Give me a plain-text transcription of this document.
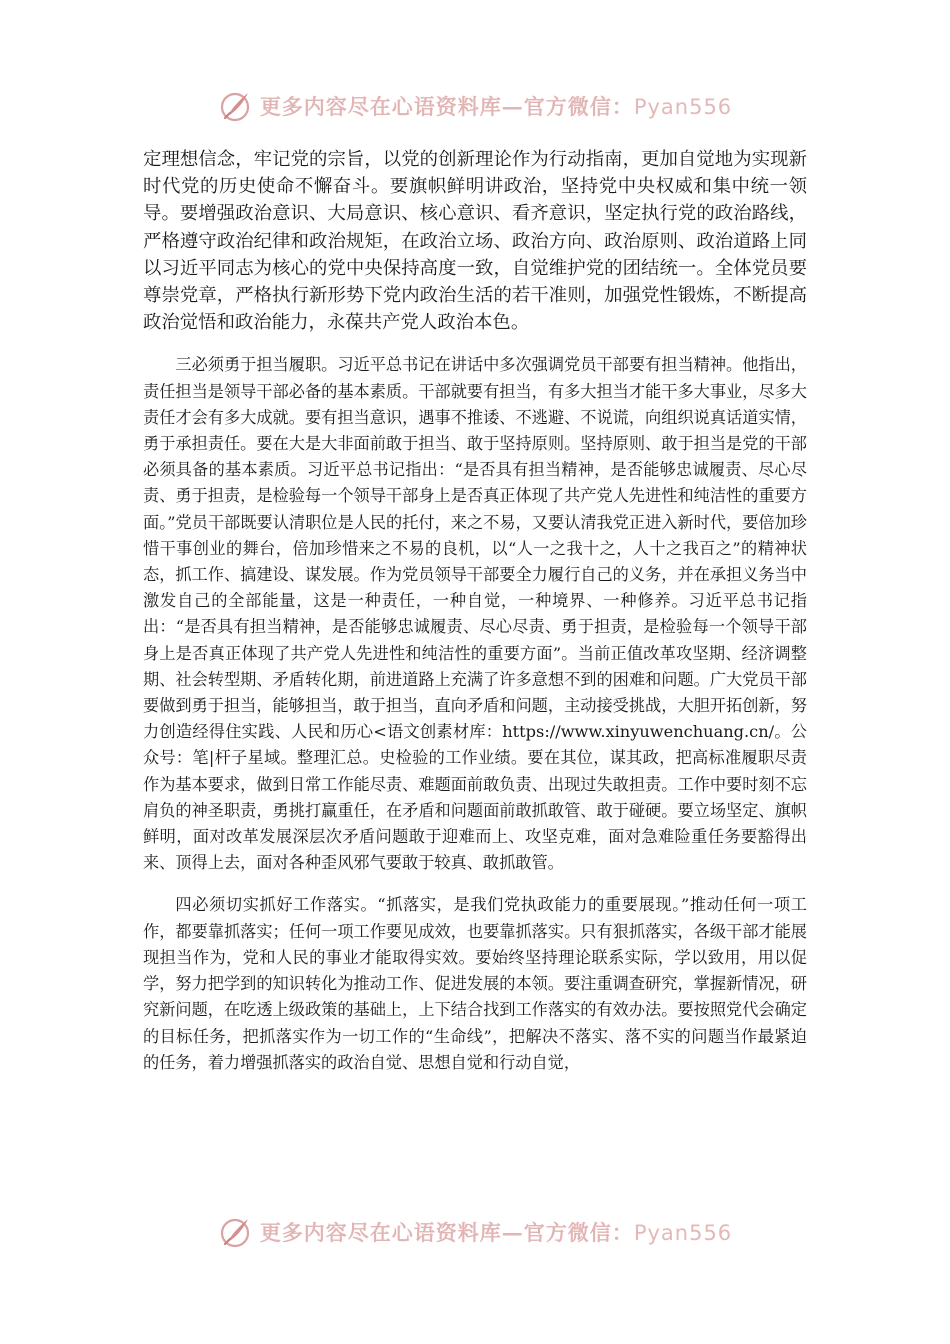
更多内容尽在心语资料库—官方微信：Pyan556

定理想信念，牢记党的宗旨，以党的创新理论作为行动指南，更加自觉地为实现新时代党的历史使命不懈奋斗。要旗帜鲜明讲政治，坚持党中央权威和集中统一领导。要增强政治意识、大局意识、核心意识、看齐意识，坚定执行党的政治路线，严格遵守政治纪律和政治规矩，在政治立场、政治方向、政治原则、政治道路上同以习近平同志为核心的党中央保持高度一致，自觉维护党的团结统一。全体党员要尊崇党章，严格执行新形势下党内政治生活的若干准则，加强党性锻炼，不断提高政治觉悟和政治能力，永葆共产党人政治本色。

三必须勇于担当履职。习近平总书记在讲话中多次强调党员干部要有担当精神。他指出，责任担当是领导干部必备的基本素质。干部就要有担当，有多大担当才能干多大事业，尽多大责任才会有多大成就。要有担当意识，遇事不推诿、不逃避、不说谎，向组织说真话道实情，勇于承担责任。要在大是大非面前敢于担当、敢于坚持原则。坚持原则、敢于担当是党的干部必须具备的基本素质。习近平总书记指出：“是否具有担当精神，是否能够忠诚履责、尽心尽责、勇于担责，是检验每一个领导干部身上是否真正体现了共产党人先进性和纯洁性的重要方面。”党员干部既要认清职位是人民的托付，来之不易，又要认清我党正进入新时代，要倍加珍惜干事创业的舞台，倍加珍惜来之不易的良机，以“人一之我十之，人十之我百之”的精神状态，抓工作、搞建设、谋发展。作为党员领导干部要全力履行自己的义务，并在承担义务当中激发自己的全部能量，这是一种责任，一种自觉，一种境界、一种修养。习近平总书记指出：“是否具有担当精神，是否能够忠诚履责、尽心尽责、勇于担责，是检验每一个领导干部身上是否真正体现了共产党人先进性和纯洁性的重要方面”。当前正值改革攻坚期、经济调整期、社会转型期、矛盾转化期，前进道路上充满了许多意想不到的困难和问题。广大党员干部要做到勇于担当，能够担当，敢于担当，直向矛盾和问题，主动接受挑战，大胆开拓创新，努力创造经得住实践、人民和历心<语文创素材库：https://www.xinyuwenchuang.cn/。公众号：笔|杆子星域。整理汇总。史检验的工作业绩。要在其位，谋其政，把高标准履职尽责作为基本要求，做到日常工作能尽责、难题面前敢负责、出现过失敢担责。工作中要时刻不忘肩负的神圣职责，勇挑打赢重任，在矛盾和问题面前敢抓敢管、敢于碰硬。要立场坚定、旗帜鲜明，面对改革发展深层次矛盾问题敢于迎难而上、攻坚克难，面对急难险重任务要豁得出来、顶得上去，面对各种歪风邪气要敢于较真、敢抓敢管。

四必须切实抓好工作落实。“抓落实，是我们党执政能力的重要展现。”推动任何一项工作，都要靠抓落实；任何一项工作要见成效，也要靠抓落实。只有狠抓落实，各级干部才能展现担当作为，党和人民的事业才能取得实效。要始终坚持理论联系实际，学以致用，用以促学，努力把学到的知识转化为推动工作、促进发展的本领。要注重调查研究，掌握新情况，研究新问题，在吃透上级政策的基础上，上下结合找到工作落实的有效办法。要按照党代会确定的目标任务，把抓落实作为一切工作的“生命线”，把解决不落实、落不实的问题当作最紧迫的任务，着力增强抓落实的政治自觉、思想自觉和行动自觉，

更多内容尽在心语资料库—官方微信：Pyan556
